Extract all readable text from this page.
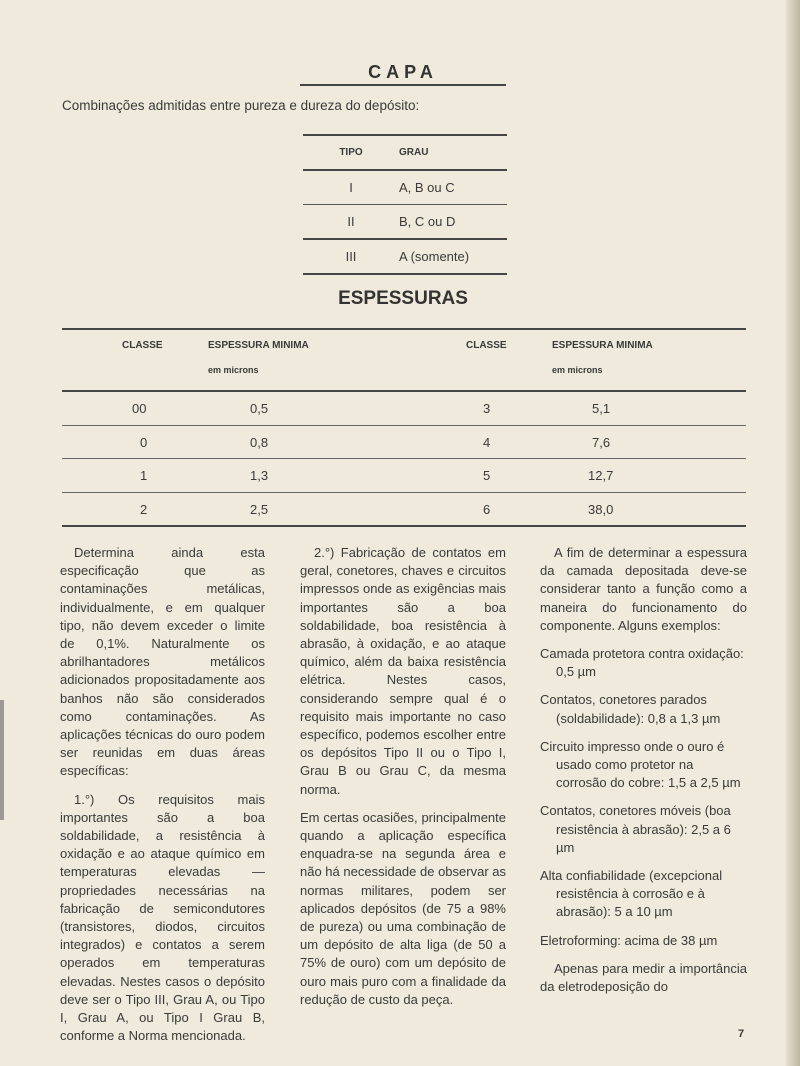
CAPA
Combinações admitidas entre pureza e dureza do depósito:
TIPO	GRAU
I	A, B ou C
II	B, C ou D
III	A (somente)
ESPESSURAS
CLASSE	ESPESSURA MINIMA
em microns
CLASSE	ESPESSURA MINIMA
em microns
00	0,5	3	5,1
0	0,8	4	7,6
1	1,3	5	12,7
2	2,5	6	38,0

Determina ainda esta especificação que as contaminações metálicas, individualmente, e em qualquer tipo, não devem exceder o limite de 0,1%. Naturalmente os abrilhantadores metálicos adicionados propositadamente aos banhos não são considerados como contaminações. As aplicações técnicas do ouro podem ser reunidas em duas áreas específicas:

1.°) Os requisitos mais importantes são a boa soldabilidade, a resistência à oxidação e ao ataque químico em temperaturas elevadas — propriedades necessárias na fabricação de semicondutores (transistores, diodos, circuitos integrados) e contatos a serem operados em temperaturas elevadas. Nestes casos o depósito deve ser o Tipo III, Grau A, ou Tipo I, Grau A, ou Tipo I Grau B, conforme a Norma mencionada.

2.°) Fabricação de contatos em geral, conetores, chaves e circuitos impressos onde as exigências mais importantes são a boa soldabilidade, boa resistência à abrasão, à oxidação, e ao ataque químico, além da baixa resistência elétrica. Nestes casos, considerando sempre qual é o requisito mais importante no caso específico, podemos escolher entre os depósitos Tipo II ou o Tipo I, Grau B ou Grau C, da mesma norma.

Em certas ocasiões, principalmente quando a aplicação específica enquadra-se na segunda área e não há necessidade de observar as normas militares, podem ser aplicados depósitos (de 75 a 98% de pureza) ou uma combinação de um depósito de alta liga (de 50 a 75% de ouro) com um depósito de ouro mais puro com a finalidade da redução de custo da peça.

A fim de determinar a espessura da camada depositada deve-se considerar tanto a função como a maneira do funcionamento do componente. Alguns exemplos:

Camada protetora contra oxidação: 0,5 µm

Contatos, conetores parados (soldabilidade): 0,8 a 1,3 µm

Circuito impresso onde o ouro é usado como protetor na corrosão do cobre: 1,5 a 2,5 µm

Contatos, conetores móveis (boa resistência à abrasão): 2,5 a 6 µm

Alta confiabilidade (excepcional resistência à corrosão e à abrasão): 5 a 10 µm

Eletroforming: acima de 38 µm

Apenas para medir a importância da eletrodeposição do

7
